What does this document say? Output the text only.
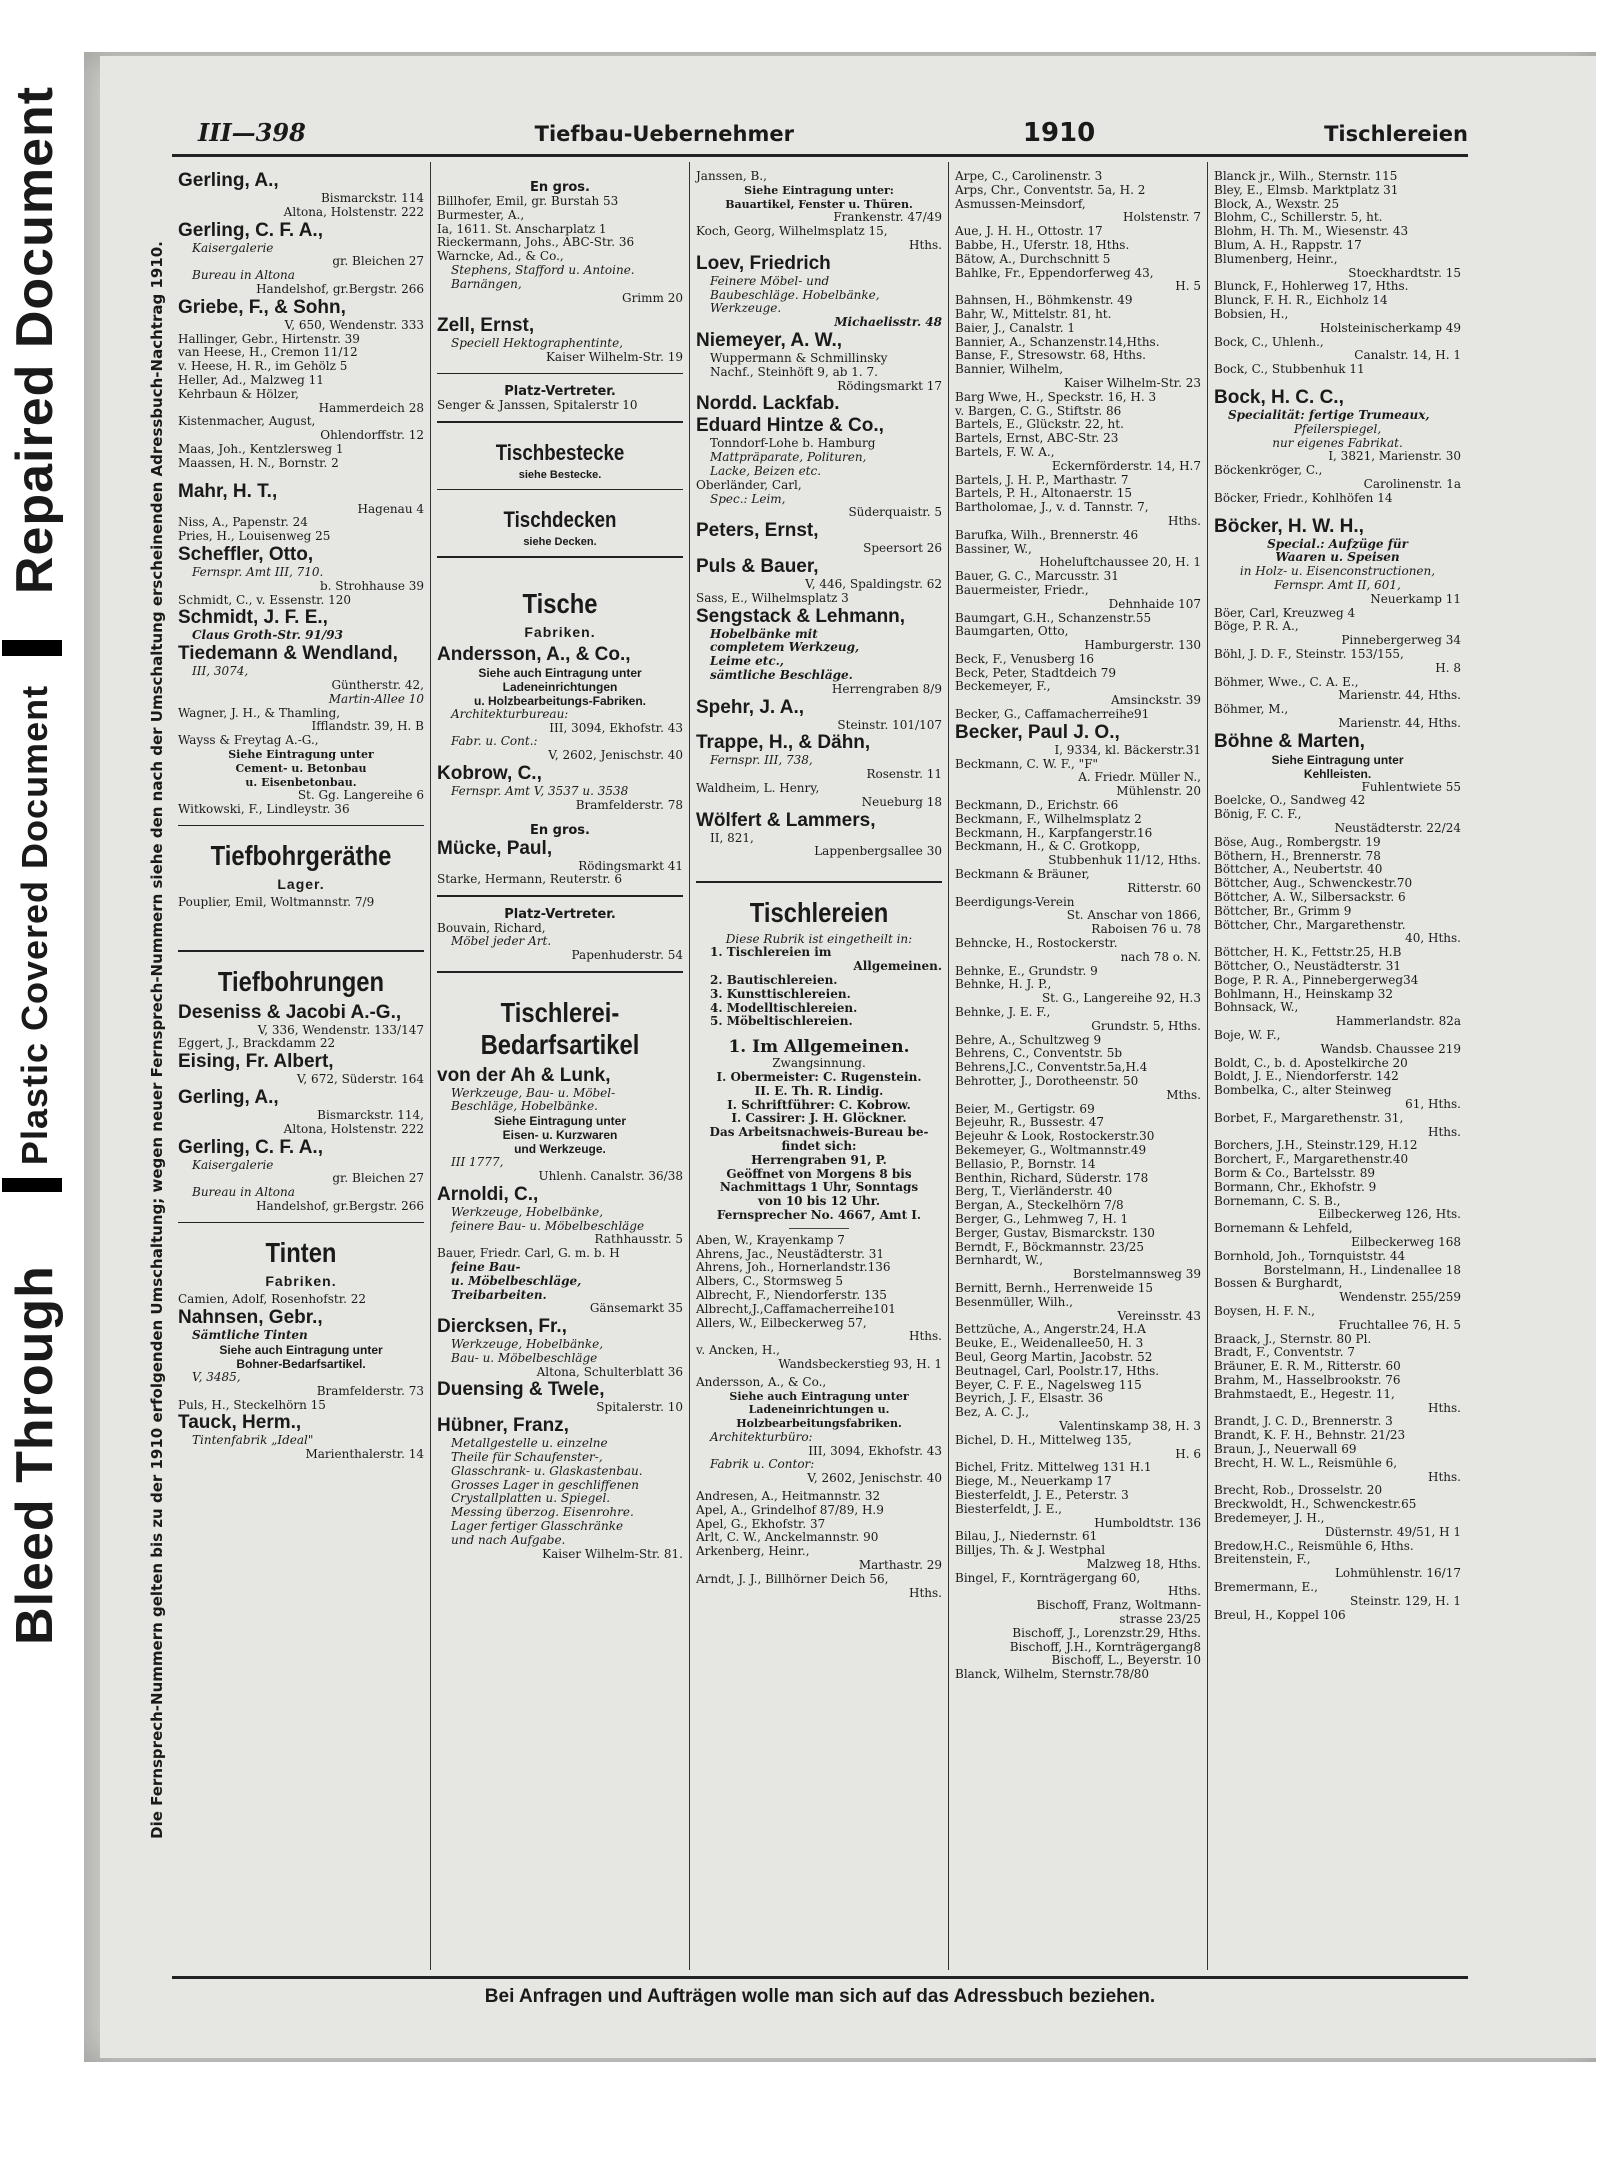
Repaired Document
Plastic Covered Document
Bleed Through	Die Fernsprech-Nummern gelten bis zu der 1910 erfolgenden Umschaltung; wegen neuer Fernsprech-Nummern siehe den nach der Umschaltung erscheinenden Adressbuch-Nachtrag 1910.
III—398	Tiefbau-Uebernehmer	1910	Tischlereien
Gerling, A.,
Bismarckstr. 114
Altona, Holstenstr. 222
Gerling, C. F. A.,
Kaisergalerie
gr. Bleichen 27
Bureau in Altona
Handelshof, gr.Bergstr. 266
Griebe, F., & Sohn,
V, 650, Wendenstr. 333
Hallinger, Gebr., Hirtenstr. 39
van Heese, H., Cremon 11/12
v. Heese, H. R., im Gehölz 5
Heller, Ad., Malzweg 11
Kehrbaun & Hölzer,
Hammerdeich 28
Kistenmacher, August,
Ohlendorffstr. 12
Maas, Joh., Kentzlersweg 1
Maassen, H. N., Bornstr. 2
Mahr, H. T.,
Hagenau 4
Niss, A., Papenstr. 24
Pries, H., Louisenweg 25
Scheffler, Otto,
Fernspr. Amt III, 710.
b. Strohhause 39
Schmidt, C., v. Essenstr. 120
Schmidt, J. F. E.,
Claus Groth-Str. 91/93
Tiedemann & Wendland,
III, 3074,
Güntherstr. 42,
Martin-Allee 10
Wagner, J. H., & Thamling,
Ifflandstr. 39, H. B
Wayss & Freytag A.-G.,
Siehe Eintragung unter
Cement- u. Betonbau
u. Eisenbetonbau.
St. Gg. Langereihe 6
Witkowski, F., Lindleystr. 36
Tiefbohrgeräthe
Lager.
Pouplier, Emil, Woltmannstr. 7/9
Tiefbohrungen
Deseniss & Jacobi A.-G.,
V, 336, Wendenstr. 133/147
Eggert, J., Brackdamm 22
Eising, Fr. Albert,
V, 672, Süderstr. 164
Gerling, A.,
Bismarckstr. 114,
Altona, Holstenstr. 222
Gerling, C. F. A.,
Kaisergalerie
gr. Bleichen 27
Bureau in Altona
Handelshof, gr.Bergstr. 266
Tinten
Fabriken.
Camien, Adolf, Rosenhofstr. 22
Nahnsen, Gebr.,
Sämtliche Tinten
Siehe auch Eintragung unter
Bohner-Bedarfsartikel.
V, 3485,
Bramfelderstr. 73
Puls, H., Steckelhörn 15
Tauck, Herm.,
Tintenfabrik „Ideal"
Marienthalerstr. 14
En gros.
Billhofer, Emil, gr. Burstah 53
Burmester, A.,
Ia, 1611. St. Anscharplatz 1
Rieckermann, Johs., ABC-Str. 36
Warncke, Ad., & Co.,
Stephens, Stafford u. Antoine.
Barnängen,
Grimm 20
Zell, Ernst,
Speciell Hektographentinte,
Kaiser Wilhelm-Str. 19
Platz-Vertreter.
Senger & Janssen, Spitalerstr 10
Tischbestecke
siehe Bestecke.
Tischdecken
siehe Decken.
Tische
Fabriken.
Andersson, A., & Co.,
Siehe auch Eintragung unter
Ladeneinrichtungen
u. Holzbearbeitungs-Fabriken.
Architekturbureau:
III, 3094, Ekhofstr. 43
Fabr. u. Cont.:
V, 2602, Jenischstr. 40
Kobrow, C.,
Fernspr. Amt V, 3537 u. 3538
Bramfelderstr. 78
En gros.
Mücke, Paul,
Rödingsmarkt 41
Starke, Hermann, Reuterstr. 6
Platz-Vertreter.
Bouvain, Richard,
Möbel jeder Art.
Papenhuderstr. 54
Tischlerei-Bedarfsartikel
von der Ah & Lunk,
Werkzeuge, Bau- u. Möbel-
Beschläge, Hobelbänke.
Siehe Eintragung unter
Eisen- u. Kurzwaren
und Werkzeuge.
III 1777,
Uhlenh. Canalstr. 36/38
Arnoldi, C.,
Werkzeuge, Hobelbänke,
feinere Bau- u. Möbelbeschläge
Rathhausstr. 5
Bauer, Friedr. Carl, G. m. b. H
feine Bau-
u. Möbelbeschläge,
Treibarbeiten.
Gänsemarkt 35
Diercksen, Fr.,
Werkzeuge, Hobelbänke,
Bau- u. Möbelbeschläge
Altona, Schulterblatt 36
Duensing & Twele,
Spitalerstr. 10
Hübner, Franz,
Metallgestelle u. einzelne
Theile für Schaufenster-,
Glasschrank- u. Glaskastenbau.
Grosses Lager in geschliffenen
Crystallplatten u. Spiegel.
Messing überzog. Eisenrohre.
Lager fertiger Glasschränke
und nach Aufgabe.
Kaiser Wilhelm-Str. 81.
Janssen, B.,
Siehe Eintragung unter:
Bauartikel, Fenster u. Thüren.
Frankenstr. 47/49
Koch, Georg, Wilhelmsplatz 15,
Hths.
Loev, Friedrich
Feinere Möbel- und
Baubeschläge. Hobelbänke,
Werkzeuge.
Michaelisstr. 48
Niemeyer, A. W.,
Wuppermann & Schmillinsky
Nachf., Steinhöft 9, ab 1. 7.
Rödingsmarkt 17
Nordd. Lackfab.
Eduard Hintze & Co.,
Tonndorf-Lohe b. Hamburg
Mattpräparate, Polituren,
Lacke, Beizen etc.
Oberländer, Carl,
Spec.: Leim,
Süderquaistr. 5
Peters, Ernst,
Speersort 26
Puls & Bauer,
V, 446, Spaldingstr. 62
Sass, E., Wilhelmsplatz 3
Sengstack & Lehmann,
Hobelbänke mit
completem Werkzeug,
Leime etc.,
sämtliche Beschläge.
Herrengraben 8/9
Spehr, J. A.,
Steinstr. 101/107
Trappe, H., & Dähn,
Fernspr. III, 738,
Rosenstr. 11
Waldheim, L. Henry,
Neueburg 18
Wölfert & Lammers,
II, 821,
Lappenbergsallee 30
Tischlereien
Diese Rubrik ist eingetheilt in:
1. Tischlereien im
Allgemeinen.
2. Bautischlereien.
3. Kunsttischlereien.
4. Modelltischlereien.
5. Möbeltischlereien.
1. Im Allgemeinen.
Zwangsinnung.
I. Obermeister: C. Rugenstein.
II. E. Th. R. Lindig.
I. Schriftführer: C. Kobrow.
I. Cassirer: J. H. Glöckner.
Das Arbeitsnachweis-Bureau be-
findet sich:
Herrengraben 91, P.
Geöffnet von Morgens 8 bis
Nachmittags 1 Uhr, Sonntags
von 10 bis 12 Uhr.
Fernsprecher No. 4667, Amt I.
Aben, W., Krayenkamp 7
Ahrens, Jac., Neustädterstr. 31
Ahrens, Joh., Hornerlandstr.136
Albers, C., Stormsweg 5
Albrecht, F., Niendorferstr. 135
Albrecht,J.,Caffamacherreihe101
Allers, W., Eilbeckerweg 57,
Hths.
v. Ancken, H.,
Wandsbeckerstieg 93, H. 1
Andersson, A., & Co.,
Siehe auch Eintragung unter
Ladeneinrichtungen u.
Holzbearbeitungsfabriken.
Architekturbüro:
III, 3094, Ekhofstr. 43
Fabrik u. Contor:
V, 2602, Jenischstr. 40
Andresen, A., Heitmannstr. 32
Apel, A., Grindelhof 87/89, H.9
Apel, G., Ekhofstr. 37
Arlt, C. W., Anckelmannstr. 90
Arkenberg, Heinr.,
Marthastr. 29
Arndt, J. J., Billhörner Deich 56,
Hths.
Arpe, C., Carolinenstr. 3
Arps, Chr., Conventstr. 5a, H. 2
Asmussen-Meinsdorf,
Holstenstr. 7
Aue, J. H. H., Ottostr. 17
Babbe, H., Uferstr. 18, Hths.
Bätow, A., Durchschnitt 5
Bahlke, Fr., Eppendorferweg 43,
H. 5
Bahnsen, H., Böhmkenstr. 49
Bahr, W., Mittelstr. 81, ht.
Baier, J., Canalstr. 1
Bannier, A., Schanzenstr.14,Hths.
Banse, F., Stresowstr. 68, Hths.
Bannier, Wilhelm,
Kaiser Wilhelm-Str. 23
Barg Wwe, H., Speckstr. 16, H. 3
v. Bargen, C. G., Stiftstr. 86
Bartels, E., Glückstr. 22, ht.
Bartels, Ernst, ABC-Str. 23
Bartels, F. W. A.,
Eckernförderstr. 14, H.7
Bartels, J. H. P., Marthastr. 7
Bartels, P. H., Altonaerstr. 15
Bartholomae, J., v. d. Tannstr. 7,
Hths.
Barufka, Wilh., Brennerstr. 46
Bassiner, W.,
Hoheluftchaussee 20, H. 1
Bauer, G. C., Marcusstr. 31
Bauermeister, Friedr.,
Dehnhaide 107
Baumgart, G.H., Schanzenstr.55
Baumgarten, Otto,
Hamburgerstr. 130
Beck, F., Venusberg 16
Beck, Peter, Stadtdeich 79
Beckemeyer, F.,
Amsinckstr. 39
Becker, G., Caffamacherreihe91
Becker, Paul J. O.,
I, 9334, kl. Bäckerstr.31
Beckmann, C. W. F., "F"
A. Friedr. Müller N.,
Mühlenstr. 20
Beckmann, D., Erichstr. 66
Beckmann, F., Wilhelmsplatz 2
Beckmann, H., Karpfangerstr.16
Beckmann, H., & C. Grotkopp,
Stubbenhuk 11/12, Hths.
Beckmann & Bräuner,
Ritterstr. 60
Beerdigungs-Verein
St. Anschar von 1866,
Raboisen 76 u. 78
Behncke, H., Rostockerstr.
nach 78 o. N.
Behnke, E., Grundstr. 9
Behnke, H. J. P.,
St. G., Langereihe 92, H.3
Behnke, J. E. F.,
Grundstr. 5, Hths.
Behre, A., Schultzweg 9
Behrens, C., Conventstr. 5b
Behrens,J.C., Conventstr.5a,H.4
Behrotter, J., Dorotheenstr. 50
Mths.
Beier, M., Gertigstr. 69
Bejeuhr, R., Bussestr. 47
Bejeuhr & Look, Rostockerstr.30
Bekemeyer, G., Woltmannstr.49
Bellasio, P., Bornstr. 14
Benthin, Richard, Süderstr. 178
Berg, T., Vierländerstr. 40
Bergan, A., Steckelhörn 7/8
Berger, G., Lehmweg 7, H. 1
Berger, Gustav, Bismarckstr. 130
Berndt, F., Böckmannstr. 23/25
Bernhardt, W.,
Borstelmannsweg 39
Bernitt, Bernh., Herrenweide 15
Besenmüller, Wilh.,
Vereinsstr. 43
Bettzüche, A., Angerstr.24, H.A
Beuke, E., Weidenallee50, H. 3
Beul, Georg Martin, Jacobstr. 52
Beutnagel, Carl, Poolstr.17, Hths.
Beyer, C. F. E., Nagelsweg 115
Beyrich, J. F., Elsastr. 36
Bez, A. C. J.,
Valentinskamp 38, H. 3
Bichel, D. H., Mittelweg 135,
H. 6
Bichel, Fritz. Mittelweg 131 H.1
Biege, M., Neuerkamp 17
Biesterfeldt, J. E., Peterstr. 3
Biesterfeldt, J. E.,
Humboldtstr. 136
Bilau, J., Niedernstr. 61
Billjes, Th. & J. Westphal
Malzweg 18, Hths.
Bingel, F., Kornträgergang 60,
Hths.
Bischoff, Franz, Woltmann-
strasse 23/25
Bischoff, J., Lorenzstr.29, Hths.
Bischoff, J.H., Kornträgergang8
Bischoff, L., Beyerstr. 10
Blanck, Wilhelm, Sternstr.78/80
Blanck jr., Wilh., Sternstr. 115
Bley, E., Elmsb. Marktplatz 31
Block, A., Wexstr. 25
Blohm, C., Schillerstr. 5, ht.
Blohm, H. Th. M., Wiesenstr. 43
Blum, A. H., Rappstr. 17
Blumenberg, Heinr.,
Stoeckhardtstr. 15
Blunck, F., Hohlerweg 17, Hths.
Blunck, F. H. R., Eichholz 14
Bobsien, H.,
Holsteinischerkamp 49
Bock, C., Uhlenh.,
Canalstr. 14, H. 1
Bock, C., Stubbenhuk 11
Bock, H. C. C.,
Specialität: fertige Trumeaux,
Pfeilerspiegel,
nur eigenes Fabrikat.
I, 3821, Marienstr. 30
Böckenkröger, C.,
Carolinenstr. 1a
Böcker, Friedr., Kohlhöfen 14
Böcker, H. W. H.,
Special.: Aufzüge für
Waaren u. Speisen
in Holz- u. Eisenconstructionen,
Fernspr. Amt II, 601,
Neuerkamp 11
Böer, Carl, Kreuzweg 4
Böge, P. R. A.,
Pinnebergerweg 34
Böhl, J. D. F., Steinstr. 153/155,
H. 8
Böhmer, Wwe., C. A. E.,
Marienstr. 44, Hths.
Böhmer, M.,
Marienstr. 44, Hths.
Böhne & Marten,
Siehe Eintragung unter
Kehlleisten.
Fuhlentwiete 55
Boelcke, O., Sandweg 42
Bönig, F. C. F.,
Neustädterstr. 22/24
Böse, Aug., Rombergstr. 19
Böthern, H., Brennerstr. 78
Böttcher, A., Neubertstr. 40
Böttcher, Aug., Schwenckestr.70
Böttcher, A. W., Silbersackstr. 6
Böttcher, Br., Grimm 9
Böttcher, Chr., Margarethenstr.
40, Hths.
Böttcher, H. K., Fettstr.25, H.B
Böttcher, O., Neustädterstr. 31
Boge, P. R. A., Pinnebergerweg34
Bohlmann, H., Heinskamp 32
Bohnsack, W.,
Hammerlandstr. 82a
Boje, W. F.,
Wandsb. Chaussee 219
Boldt, C., b. d. Apostelkirche 20
Boldt, J. E., Niendorferstr. 142
Bombelka, C., alter Steinweg
61, Hths.
Borbet, F., Margarethenstr. 31,
Hths.
Borchers, J.H., Steinstr.129, H.12
Borchert, F., Margarethenstr.40
Borm & Co., Bartelsstr. 89
Bormann, Chr., Ekhofstr. 9
Bornemann, C. S. B.,
Eilbeckerweg 126, Hts.
Bornemann & Lehfeld,
Eilbeckerweg 168
Bornhold, Joh., Tornquiststr. 44
Borstelmann, H., Lindenallee 18
Bossen & Burghardt,
Wendenstr. 255/259
Boysen, H. F. N.,
Fruchtallee 76, H. 5
Braack, J., Sternstr. 80 Pl.
Bradt, F., Conventstr. 7
Bräuner, E. R. M., Ritterstr. 60
Brahm, M., Hasselbrookstr. 76
Brahmstaedt, E., Hegestr. 11,
Hths.
Brandt, J. C. D., Brennerstr. 3
Brandt, K. F. H., Behnstr. 21/23
Braun, J., Neuerwall 69
Brecht, H. W. L., Reismühle 6,
Hths.
Brecht, Rob., Drosselstr. 20
Breckwoldt, H., Schwenckestr.65
Bredemeyer, J. H.,
Düsternstr. 49/51, H 1
Bredow,H.C., Reismühle 6, Hths.
Breitenstein, F.,
Lohmühlenstr. 16/17
Bremermann, E.,
Steinstr. 129, H. 1
Breul, H., Koppel 106
Bei Anfragen und Aufträgen wolle man sich auf das Adressbuch beziehen.
